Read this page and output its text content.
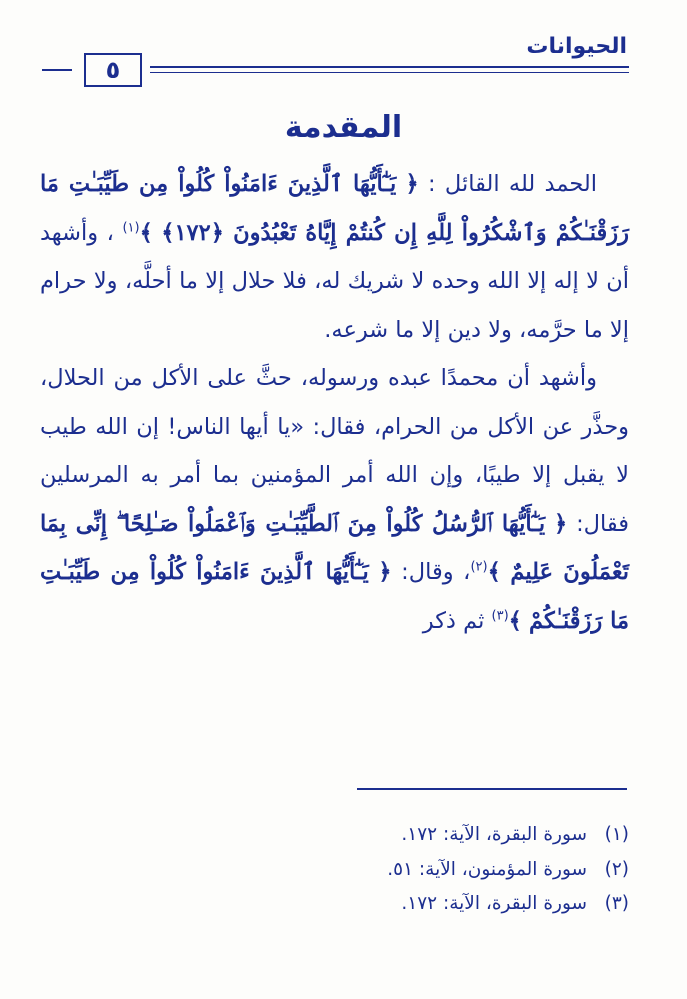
الحيوانات
٥
المقدمة

الحمد لله القائل : ﴿ يَـٰٓأَيُّهَا ٱلَّذِينَ ءَامَنُواْ كُلُواْ مِن طَيِّبَـٰتِ مَا رَزَقْنَـٰكُمْ وَٱشْكُرُواْ لِلَّهِ إِن كُنتُمْ إِيَّاهُ تَعْبُدُونَ ﴿١٧٢﴾ ﴾$^{(١)}$ ، وأشهد أن لا إله إلا الله وحده لا شريك له، فلا حلال إلا ما أحلَّه، ولا حرام إلا ما حرَّمه، ولا دين إلا ما شرعه.

وأشهد أن محمدًا عبده ورسوله، حثَّ على الأكل من الحلال، وحذَّر عن الأكل من الحرام، فقال: «يا أيها الناس! إن الله طيب لا يقبل إلا طيبًا، وإن الله أمر المؤمنين بما أمر به المرسلين فقال: ﴿ يَـٰٓأَيُّهَا ٱلرُّسُلُ كُلُواْ مِنَ ٱلطَّيِّبَـٰتِ وَٱعْمَلُواْ صَـٰلِحًا ۖ إِنِّى بِمَا تَعْمَلُونَ عَلِيمٌ ﴾$^{(٢)}$، وقال: ﴿ يَـٰٓأَيُّهَا ٱلَّذِينَ ءَامَنُواْ كُلُواْ مِن طَيِّبَـٰتِ مَا رَزَقْنَـٰكُمْ ﴾$^{(٣)}$ ثم ذكر

(١)
سورة البقرة، الآية: ١٧٢.
(٢)
سورة المؤمنون، الآية: ٥١.
(٣)
سورة البقرة، الآية: ١٧٢.
